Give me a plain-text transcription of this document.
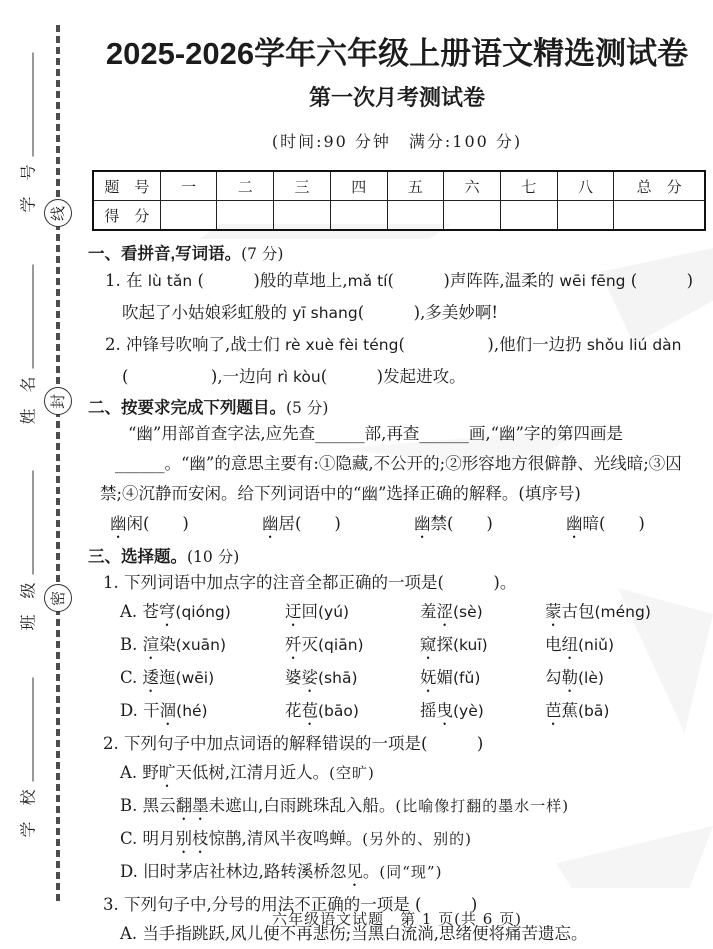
线
封
密
学　号
姓　名
班　级
学　校
2025-2026学年六年级上册语文精选测试卷
第一次月考测试卷
(时间:90 分钟　满分:100 分)
题　号	一	二	三	四	五	六	七	八	总　分
得　分									
一、看拼音,写词语。(7 分)
1. 在 lù tǎn (　　　)般的草地上,mǎ tí(　　　)声阵阵,温柔的 wēi fēng (　　　)
吹起了小姑娘彩虹般的 yī shang(　　　),多美妙啊!
2. 冲锋号吹响了,战士们 rè xuè fèi téng(　　　　　),他们一边扔 shǒu liú dàn
(　　　　　),一边向 rì kòu(　　　)发起进攻。
二、按要求完成下列题目。(5 分)
“幽”用部首查字法,应先查______部,再查______画,“幽”字的第四画是
______。“幽”的意思主要有:①隐藏,不公开的;②形容地方很僻静、光线暗;③囚
禁;④沉静而安闲。给下列词语中的“幽”选择正确的解释。(填序号)
幽闲(　　)	幽居(　　)	幽禁(　　)	幽暗(　　)
三、选择题。(10 分)
1. 下列词语中加点字的注音全都正确的一项是(　　　)。
A. 苍穹(qióng)	迂回(yú)	羞涩(sè)	蒙古包(méng)
B. 渲染(xuān)	歼灭(qiān)	窥探(kuī)	电纽(niǔ)
C. 逶迤(wēi)	婆娑(shā)	妩媚(fǔ)	勾勒(lè)
D. 干涸(hé)	花苞(bāo)	摇曳(yè)	芭蕉(bā)
2. 下列句子中加点词语的解释错误的一项是(　　　)
A. 野旷天低树,江清月近人。(空旷)
B. 黑云翻墨未遮山,白雨跳珠乱入船。(比喻像打翻的墨水一样)
C. 明月别枝惊鹊,清风半夜鸣蝉。(另外的、别的)
D. 旧时茅店社林边,路转溪桥忽见。(同“现”)
3. 下列句子中,分号的用法不正确的一项是 (　　　)
A. 当手指跳跃,风儿便不再悲伤;当黑白流淌,思绪便将痛苦遗忘。
六年级语文试题　第 1 页(共 6 页)
